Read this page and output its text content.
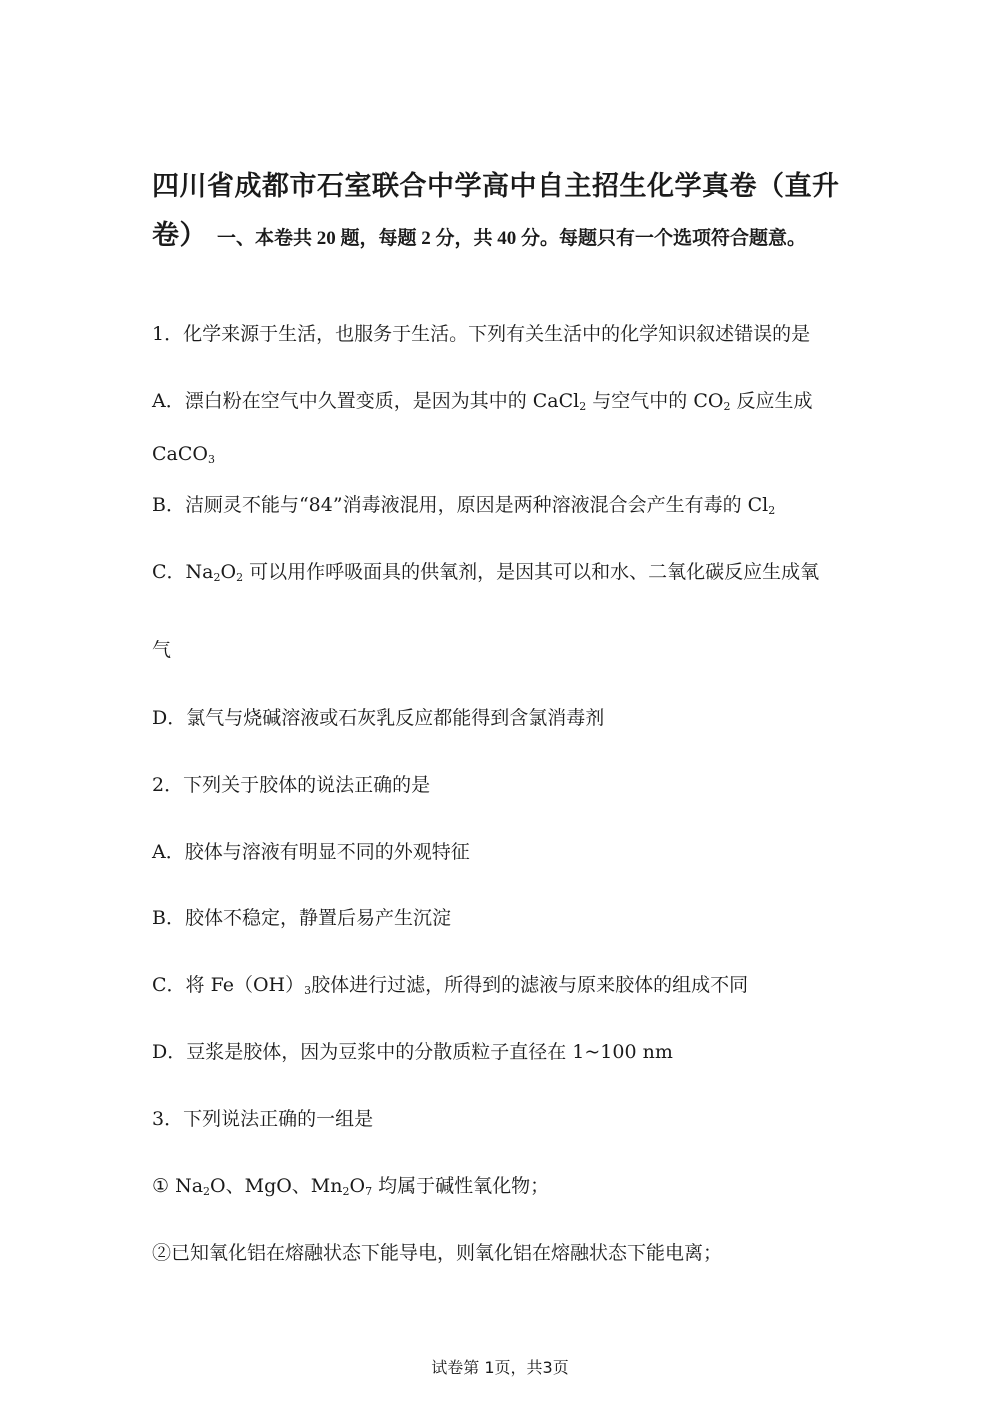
四川省成都市石室联合中学高中自主招生化学真卷（直升
卷） 一、本卷共 20 题，每题 2 分，共 40 分。每题只有一个选项符合题意。
1．化学来源于生活，也服务于生活。下列有关生活中的化学知识叙述错误的是
A．漂白粉在空气中久置变质，是因为其中的 CaCl$_2$ 与空气中的 $CO_2$ 反应生成
CaCO$_3$
B．洁厕灵不能与“84”消毒液混用，原因是两种溶液混合会产生有毒的 $Cl_2$
C．$Na_2O_2$ 可以用作呼吸面具的供氧剂，是因其可以和水、二氧化碳反应生成氧
气
D．氯气与烧碱溶液或石灰乳反应都能得到含氯消毒剂
2．下列关于胶体的说法正确的是
A．胶体与溶液有明显不同的外观特征
B．胶体不稳定，静置后易产生沉淀
C．将 $Fe(OH)_3$胶体进行过滤，所得到的滤液与原来胶体的组成不同
D．豆浆是胶体，因为豆浆中的分散质粒子直径在 1~100 nm
3．下列说法正确的一组是
① $Na_2O$、MgO、$Mn_2O_7$ 均属于碱性氧化物；
②已知氧化铝在熔融状态下能导电，则氧化铝在熔融状态下能电离；
试卷第 1页，共3页
